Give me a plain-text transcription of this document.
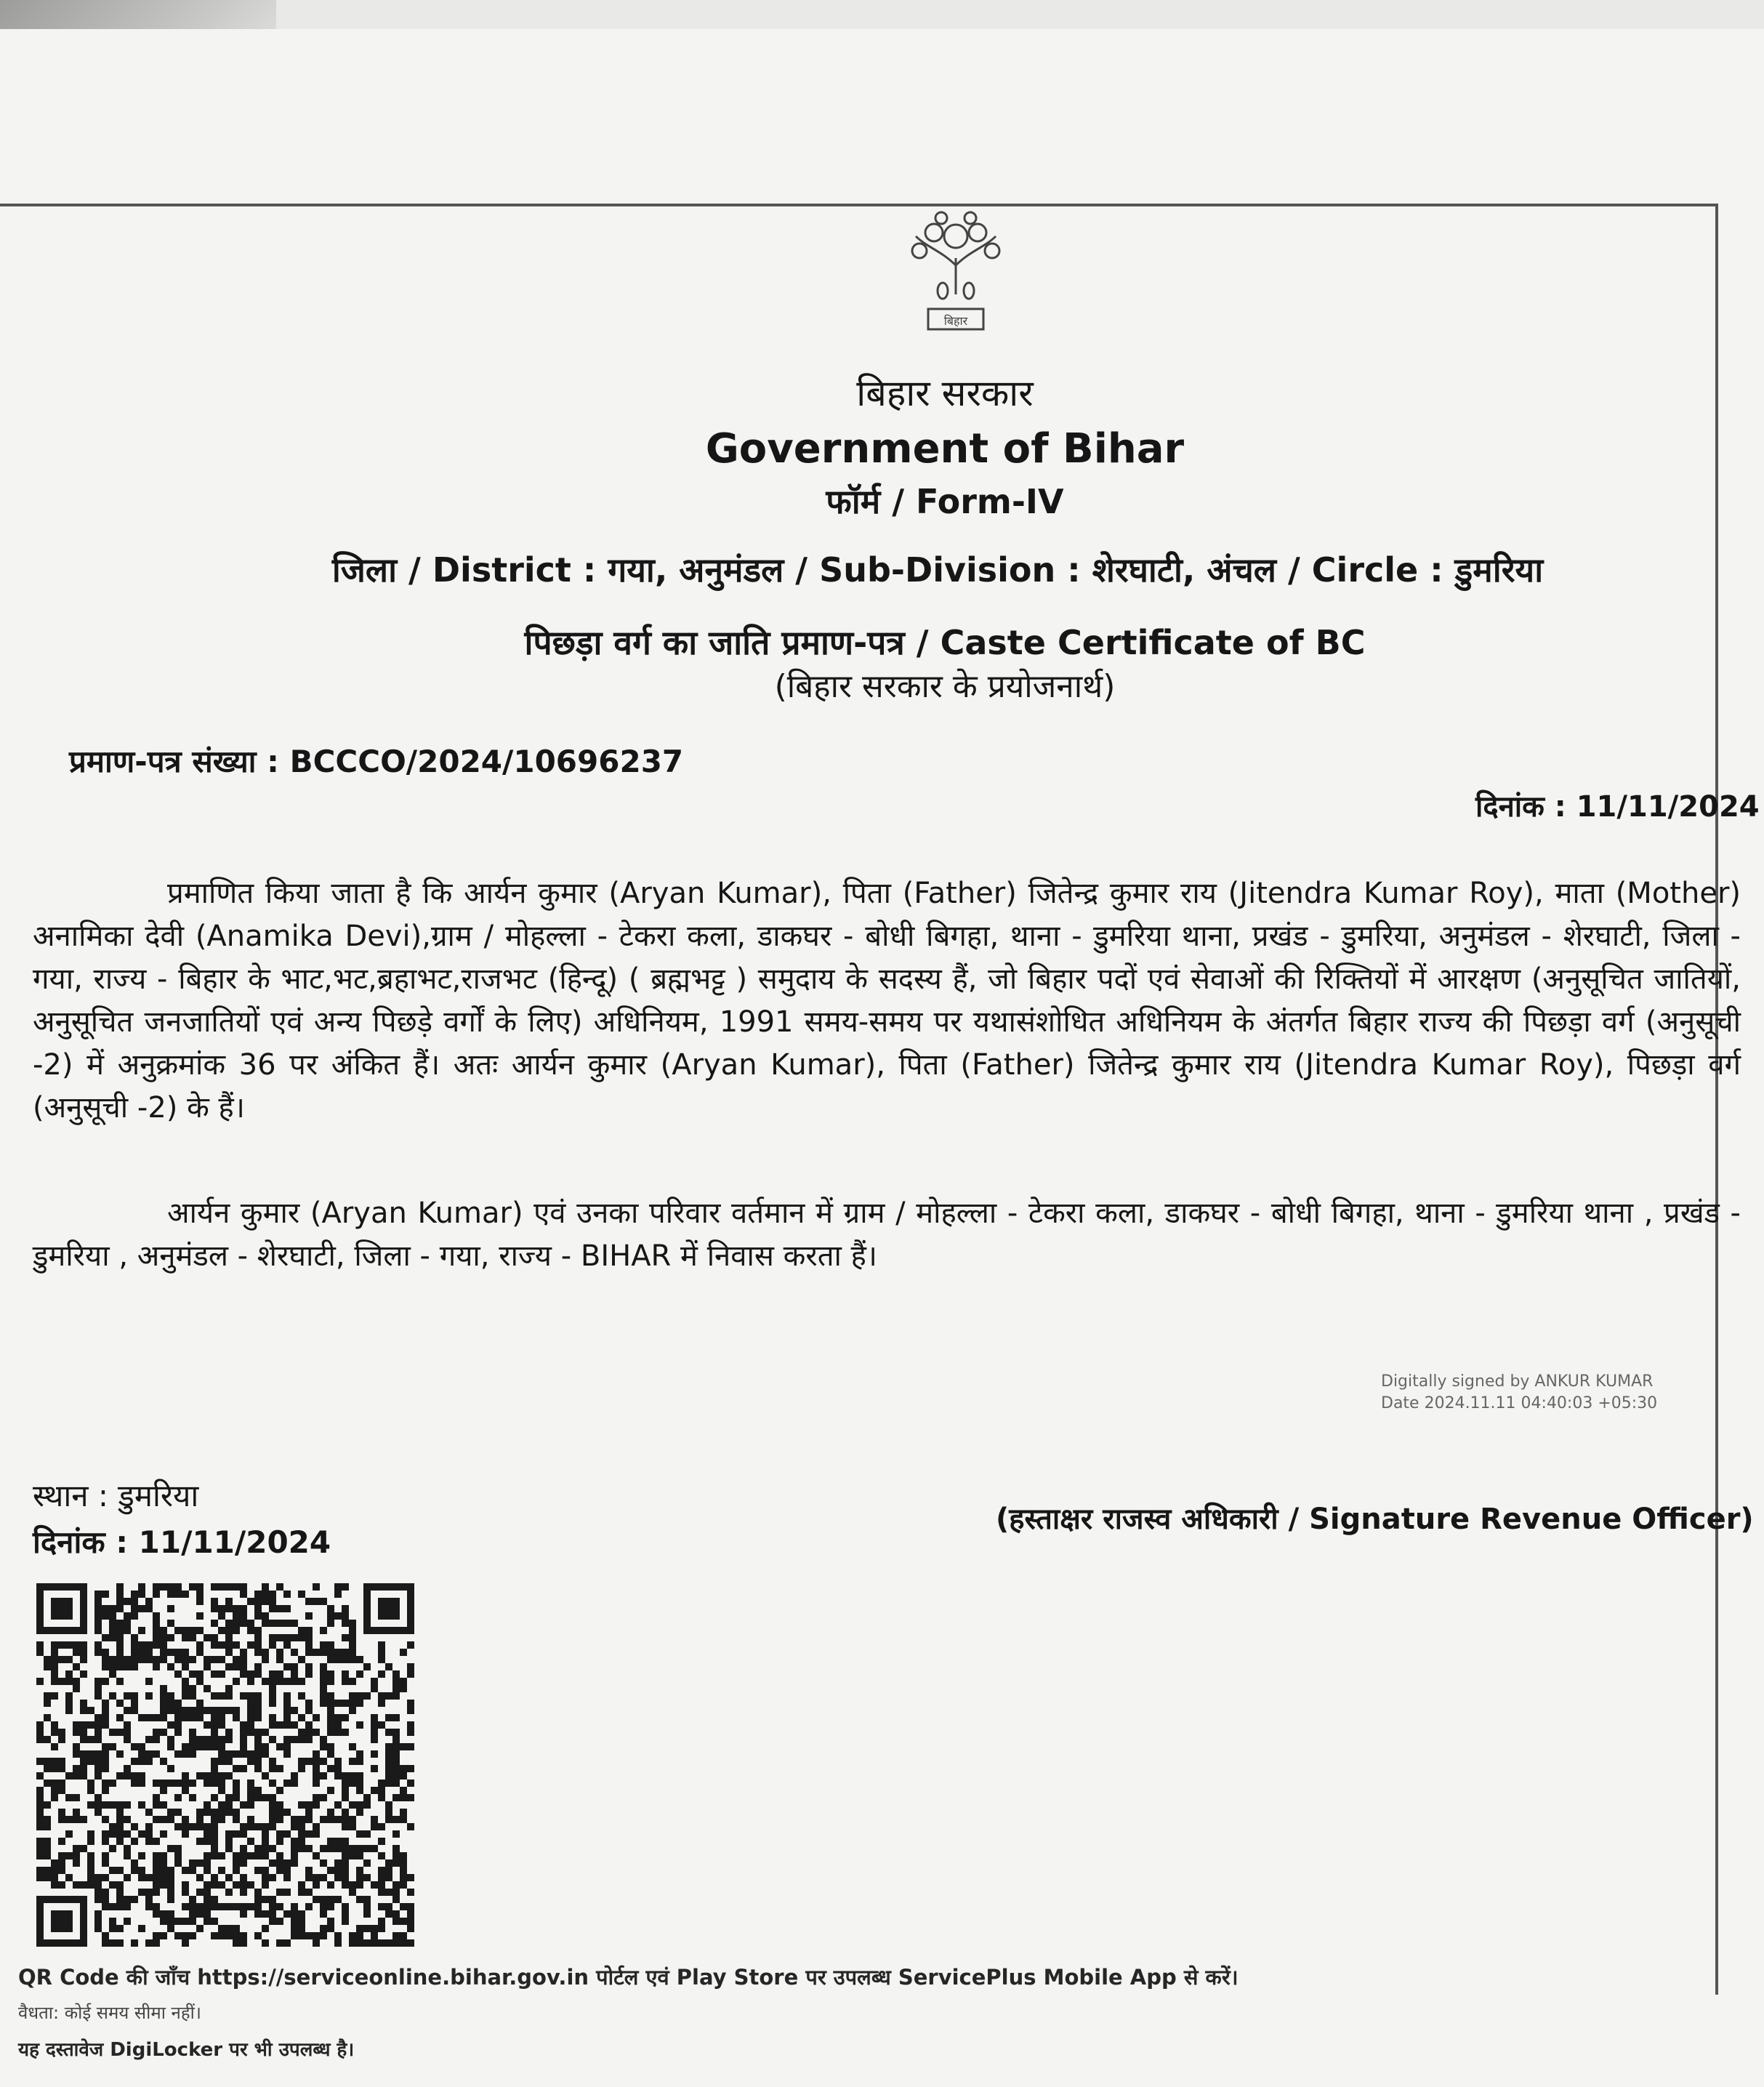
बिहार
बिहार सरकार
Government of Bihar
फॉर्म / Form-IV
जिला / District : गया, अनुमंडल / Sub-Division : शेरघाटी, अंचल / Circle : डुमरिया
पिछड़ा वर्ग का जाति प्रमाण-पत्र / Caste Certificate of BC
(बिहार सरकार के प्रयोजनार्थ)
प्रमाण-पत्र संख्या : BCCCO/2024/10696237
दिनांक : 11/11/2024
प्रमाणित किया जाता है कि आर्यन कुमार (Aryan Kumar), पिता (Father) जितेन्द्र कुमार राय (Jitendra Kumar Roy), माता (Mother) अनामिका देवी (Anamika Devi),ग्राम / मोहल्ला - टेकरा कला, डाकघर - बोधी बिगहा, थाना - डुमरिया थाना, प्रखंड - डुमरिया, अनुमंडल - शेरघाटी, जिला - गया, राज्य - बिहार के भाट,भट,ब्रहाभट,राजभट (हिन्दू) ( ब्रह्मभट्ट ) समुदाय के सदस्य हैं, जो बिहार पदों एवं सेवाओं की रिक्तियों में आरक्षण (अनुसूचित जातियों, अनुसूचित जनजातियों एवं अन्य पिछड़े वर्गों के लिए) अधिनियम, 1991 समय-समय पर यथासंशोधित अधिनियम के अंतर्गत बिहार राज्य की पिछड़ा वर्ग (अनुसूची -2) में अनुक्रमांक 36 पर अंकित हैं। अतः आर्यन कुमार (Aryan Kumar), पिता (Father) जितेन्द्र कुमार राय (Jitendra Kumar Roy), पिछड़ा वर्ग (अनुसूची -2) के हैं।
आर्यन कुमार (Aryan Kumar) एवं उनका परिवार वर्तमान में ग्राम / मोहल्ला - टेकरा कला, डाकघर - बोधी बिगहा, थाना - डुमरिया थाना , प्रखंड - डुमरिया , अनुमंडल - शेरघाटी, जिला - गया, राज्य - BIHAR में निवास करता हैं।
Digitally signed by ANKUR KUMAR
Date 2024.11.11 04:40:03 +05:30
स्थान : डुमरिया
दिनांक : 11/11/2024
(हस्ताक्षर राजस्व अधिकारी / Signature Revenue Officer)
QR Code की जाँच https://serviceonline.bihar.gov.in पोर्टल एवं Play Store पर उपलब्ध ServicePlus Mobile App से करें।
वैधता: कोई समय सीमा नहीं।
यह दस्तावेज DigiLocker पर भी उपलब्ध है।
